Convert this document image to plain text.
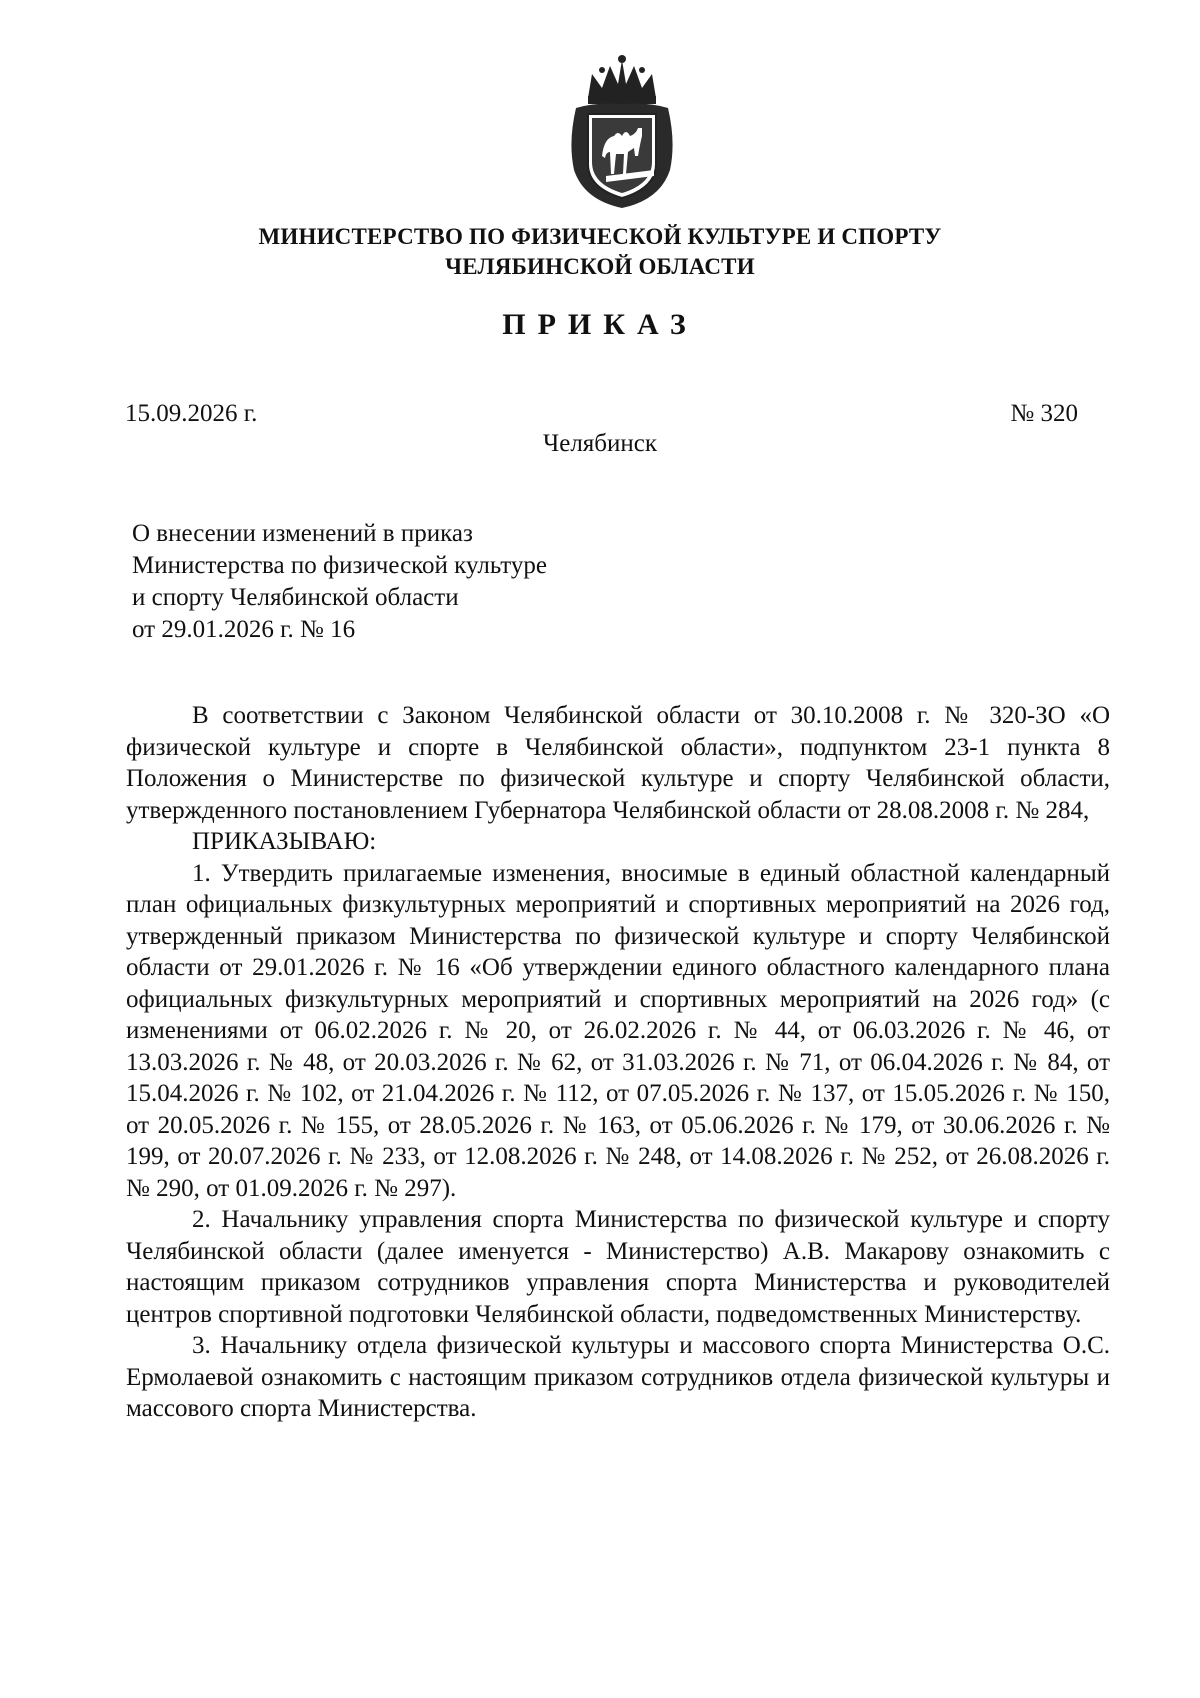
МИНИСТЕРСТВО ПО ФИЗИЧЕСКОЙ КУЛЬТУРЕ И СПОРТУ
ЧЕЛЯБИНСКОЙ ОБЛАСТИ
ПРИКАЗ
15.09.2026 г.	№ 320
Челябинск
О внесении изменений в приказ
Министерства по физической культуре
и спорту Челябинской области
от 29.01.2026 г. № 16

В соответствии с Законом Челябинской области от 30.10.2008 г. № 320-ЗО «О физической культуре и спорте в Челябинской области», подпунктом 23-1 пункта 8 Положения о Министерстве по физической культуре и спорту Челябинской области, утвержденного постановлением Губернатора Челябинской области от 28.08.2008 г. № 284,

ПРИКАЗЫВАЮ:

1. Утвердить прилагаемые изменения, вносимые в единый областной календарный план официальных физкультурных мероприятий и спортивных мероприятий на 2026 год, утвержденный приказом Министерства по физической культуре и спорту Челябинской области от 29.01.2026 г. № 16 «Об утверждении единого областного календарного плана официальных физкультурных мероприятий и спортивных мероприятий на 2026 год» (с изменениями от 06.02.2026 г. № 20, от 26.02.2026 г. № 44, от 06.03.2026 г. № 46, от 13.03.2026 г. № 48, от 20.03.2026 г. № 62, от 31.03.2026 г. № 71, от 06.04.2026 г. № 84, от 15.04.2026 г. № 102, от 21.04.2026 г. № 112, от 07.05.2026 г. № 137, от 15.05.2026 г. № 150, от 20.05.2026 г. № 155, от 28.05.2026 г. № 163, от 05.06.2026 г. № 179, от 30.06.2026 г. № 199, от 20.07.2026 г. № 233, от 12.08.2026 г. № 248, от 14.08.2026 г. № 252, от 26.08.2026 г. № 290, от 01.09.2026 г. № 297).

2. Начальнику управления спорта Министерства по физической культуре и спорту Челябинской области (далее именуется - Министерство) А.В. Макарову ознакомить с настоящим приказом сотрудников управления спорта Министерства и руководителей центров спортивной подготовки Челябинской области, подведомственных Министерству.

3. Начальнику отдела физической культуры и массового спорта Министерства О.С. Ермолаевой ознакомить с настоящим приказом сотрудников отдела физической культуры и массового спорта Министерства.
